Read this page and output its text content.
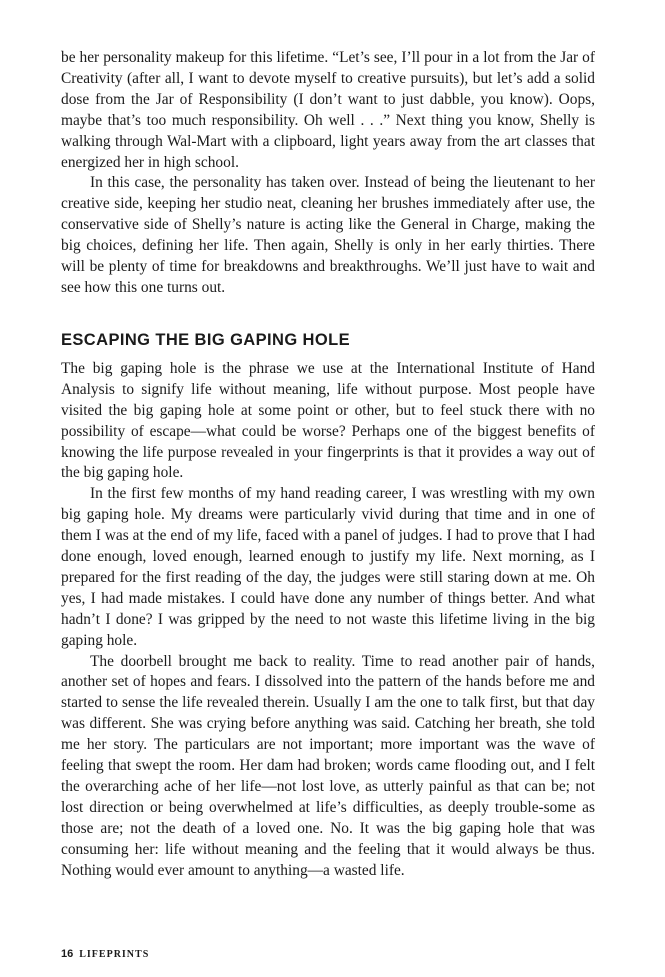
be her personality makeup for this lifetime. “Let’s see, I’ll pour in a lot from the Jar of Creativity (after all, I want to devote myself to creative pursuits), but let’s add a solid dose from the Jar of Responsibility (I don’t want to just dabble, you know). Oops, maybe that’s too much responsibility. Oh well . . .” Next thing you know, Shelly is walking through Wal-Mart with a clipboard, light years away from the art classes that energized her in high school.

In this case, the personality has taken over. Instead of being the lieutenant to her creative side, keeping her studio neat, cleaning her brushes immediately after use, the conservative side of Shelly’s nature is acting like the General in Charge, making the big choices, defining her life. Then again, Shelly is only in her early thirties. There will be plenty of time for breakdowns and breakthroughs. We’ll just have to wait and see how this one turns out.

ESCAPING THE BIG GAPING HOLE

The big gaping hole is the phrase we use at the International Institute of Hand Analysis to signify life without meaning, life without purpose. Most people have visited the big gaping hole at some point or other, but to feel stuck there with no possibility of escape—what could be worse? Perhaps one of the biggest benefits of knowing the life purpose revealed in your fingerprints is that it provides a way out of the big gaping hole.

In the first few months of my hand reading career, I was wrestling with my own big gaping hole. My dreams were particularly vivid during that time and in one of them I was at the end of my life, faced with a panel of judges. I had to prove that I had done enough, loved enough, learned enough to justify my life. Next morning, as I prepared for the first reading of the day, the judges were still staring down at me. Oh yes, I had made mistakes. I could have done any number of things better. And what hadn’t I done? I was gripped by the need to not waste this lifetime living in the big gaping hole.

The doorbell brought me back to reality. Time to read another pair of hands, another set of hopes and fears. I dissolved into the pattern of the hands before me and started to sense the life revealed therein. Usually I am the one to talk first, but that day was different. She was crying before anything was said. Catching her breath, she told me her story. The particulars are not important; more important was the wave of feeling that swept the room. Her dam had broken; words came flooding out, and I felt the overarching ache of her life—not lost love, as utterly painful as that can be; not lost direction or being overwhelmed at life’s difficulties, as deeply trouble-some as those are; not the death of a loved one. No. It was the big gaping hole that was consuming her: life without meaning and the feeling that it would always be thus. Nothing would ever amount to anything—a wasted life.

16 LIFEPRINTS
